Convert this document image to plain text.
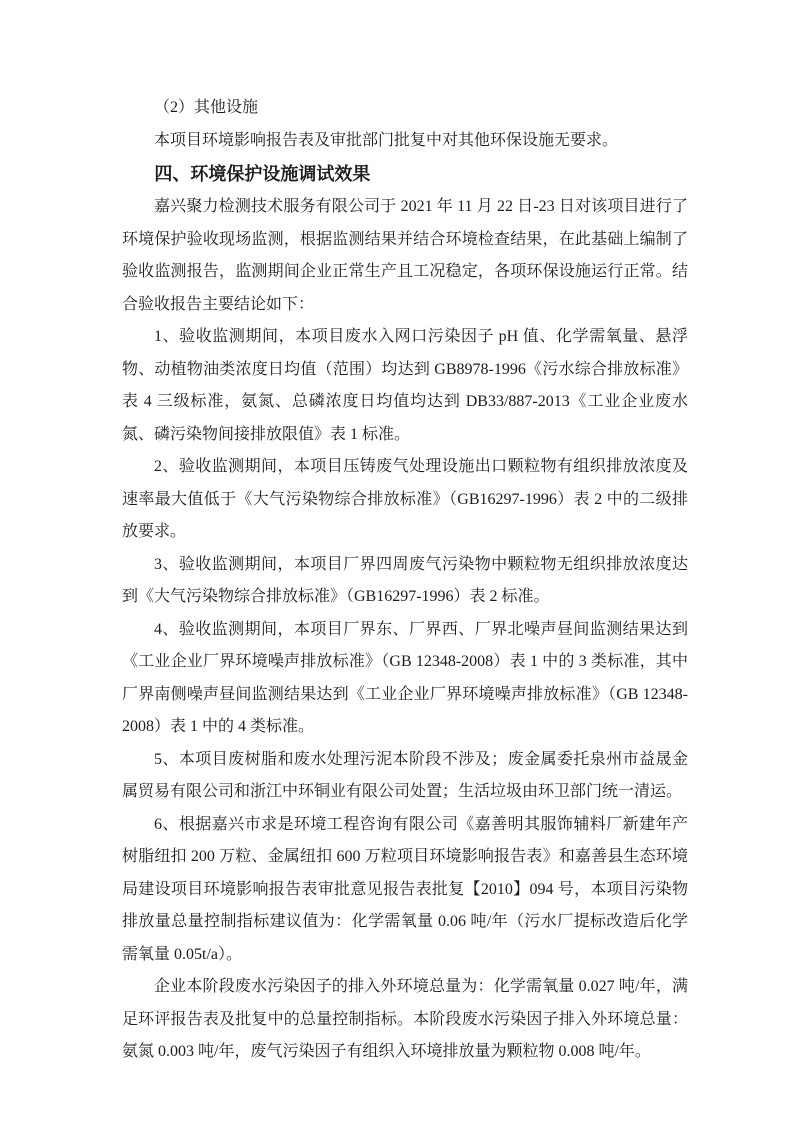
（2）其他设施

本项目环境影响报告表及审批部门批复中对其他环保设施无要求。

四、环境保护设施调试效果

嘉兴聚力检测技术服务有限公司于 2021 年 11 月 22 日-23 日对该项目进行了环境保护验收现场监测，根据监测结果并结合环境检查结果，在此基础上编制了验收监测报告，监测期间企业正常生产且工况稳定，各项环保设施运行正常。结合验收报告主要结论如下：

1、验收监测期间，本项目废水入网口污染因子 pH 值、化学需氧量、悬浮物、动植物油类浓度日均值（范围）均达到 GB8978-1996《污水综合排放标准》表 4 三级标准，氨氮、总磷浓度日均值均达到 DB33/887-2013《工业企业废水氮、磷污染物间接排放限值》表 1 标准。

2、验收监测期间，本项目压铸废气处理设施出口颗粒物有组织排放浓度及速率最大值低于《大气污染物综合排放标准》（GB16297-1996）表 2 中的二级排放要求。

3、验收监测期间，本项目厂界四周废气污染物中颗粒物无组织排放浓度达到《大气污染物综合排放标准》（GB16297-1996）表 2 标准。

4、验收监测期间，本项目厂界东、厂界西、厂界北噪声昼间监测结果达到《工业企业厂界环境噪声排放标准》（GB 12348-2008）表 1 中的 3 类标准，其中厂界南侧噪声昼间监测结果达到《工业企业厂界环境噪声排放标准》（GB 12348-2008）表 1 中的 4 类标准。

5、本项目废树脂和废水处理污泥本阶段不涉及；废金属委托泉州市益晟金属贸易有限公司和浙江中环铜业有限公司处置；生活垃圾由环卫部门统一清运。

6、根据嘉兴市求是环境工程咨询有限公司《嘉善明其服饰辅料厂新建年产树脂纽扣 200 万粒、金属纽扣 600 万粒项目环境影响报告表》和嘉善县生态环境局建设项目环境影响报告表审批意见报告表批复【2010】094 号，本项目污染物排放量总量控制指标建议值为：化学需氧量 0.06 吨/年（污水厂提标改造后化学需氧量 0.05t/a）。

企业本阶段废水污染因子的排入外环境总量为：化学需氧量 0.027 吨/年，满足环评报告表及批复中的总量控制指标。本阶段废水污染因子排入外环境总量：氨氮 0.003 吨/年，废气污染因子有组织入环境排放量为颗粒物 0.008 吨/年。
